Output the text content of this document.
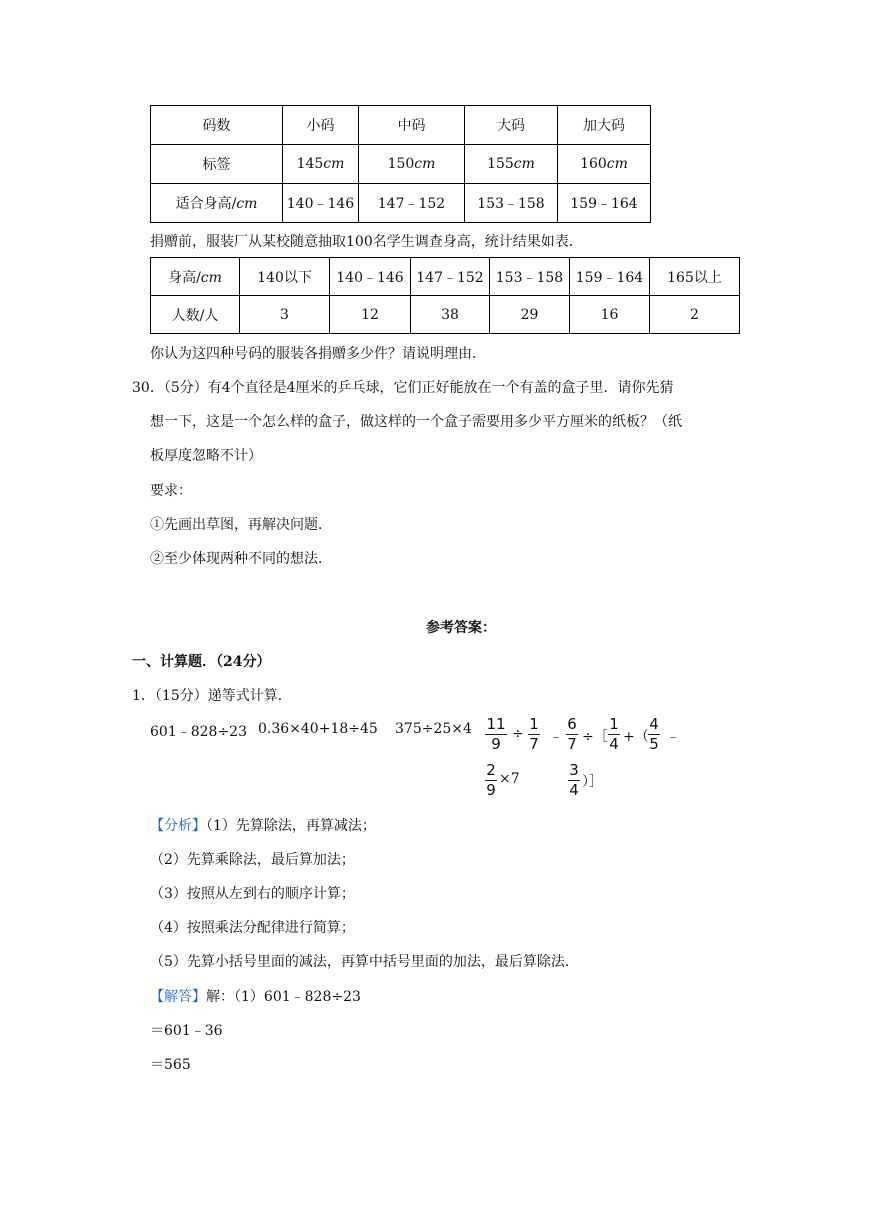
码数	小码	中码	大码	加大码
标签	145cm	150cm	155cm	160cm
适合身高/cm	140﹣146	147﹣152	153﹣158	159﹣164
捐赠前，服装厂从某校随意抽取100名学生调查身高，统计结果如表．
身高/cm	140以下	140﹣146	147﹣152	153﹣158	159﹣164	165以上
人数/人	3	12	38	29	16	2
你认为这四种号码的服装各捐赠多少件？请说明理由．
30．（5分）有4个直径是4厘米的乒乓球，它们正好能放在一个有盖的盒子里．请你先猜
想一下，这是一个怎么样的盒子，做这样的一个盒子需要用多少平方厘米的纸板？（纸
板厚度忽略不计）
要求：
①先画出草图，再解决问题．
②至少体现两种不同的想法．
参考答案：
一、计算题．（24分）
1．（15分）递等式计算．
601﹣828÷23 0.36×40+18÷45 375÷25×4 11
9
÷
1
7 ﹣
6
7 ÷［
1
4 +（
4
5 ﹣
2
9
×7	3
4 ）］
【分析】（1）先算除法，再算减法；
（2）先算乘除法，最后算加法；
（3）按照从左到右的顺序计算；
（4）按照乘法分配律进行简算；
（5）先算小括号里面的减法，再算中括号里面的加法，最后算除法．
【解答】解：（1）601﹣828÷23
＝601﹣36
＝565
